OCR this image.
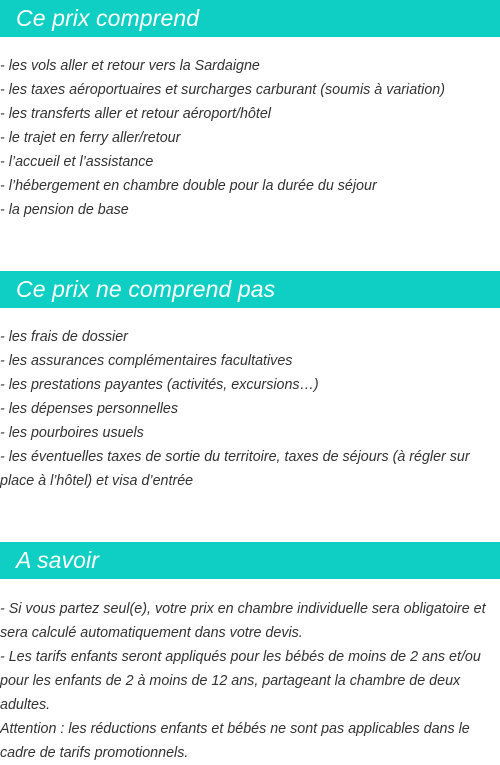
Ce prix comprend
- les vols aller et retour vers la Sardaigne
- les taxes aéroportuaires et surcharges carburant (soumis à variation)
- les transferts aller et retour aéroport/hôtel
- le trajet en ferry aller/retour
- l’accueil et l’assistance
- l’hébergement en chambre double pour la durée du séjour
- la pension de base
Ce prix ne comprend pas
- les frais de dossier
- les assurances complémentaires facultatives
- les prestations payantes (activités, excursions…)
- les dépenses personnelles
- les pourboires usuels
- les éventuelles taxes de sortie du territoire, taxes de séjours (à régler sur place à l’hôtel) et visa d’entrée
A savoir

- Si vous partez seul(e), votre prix en chambre individuelle sera obligatoire et sera calculé automatiquement dans votre devis.

- Les tarifs enfants seront appliqués pour les bébés de moins de 2 ans et/ou pour les enfants de 2 à moins de 12 ans, partageant la chambre de deux adultes.

Attention : les réductions enfants et bébés ne sont pas applicables dans le cadre de tarifs promotionnels.
